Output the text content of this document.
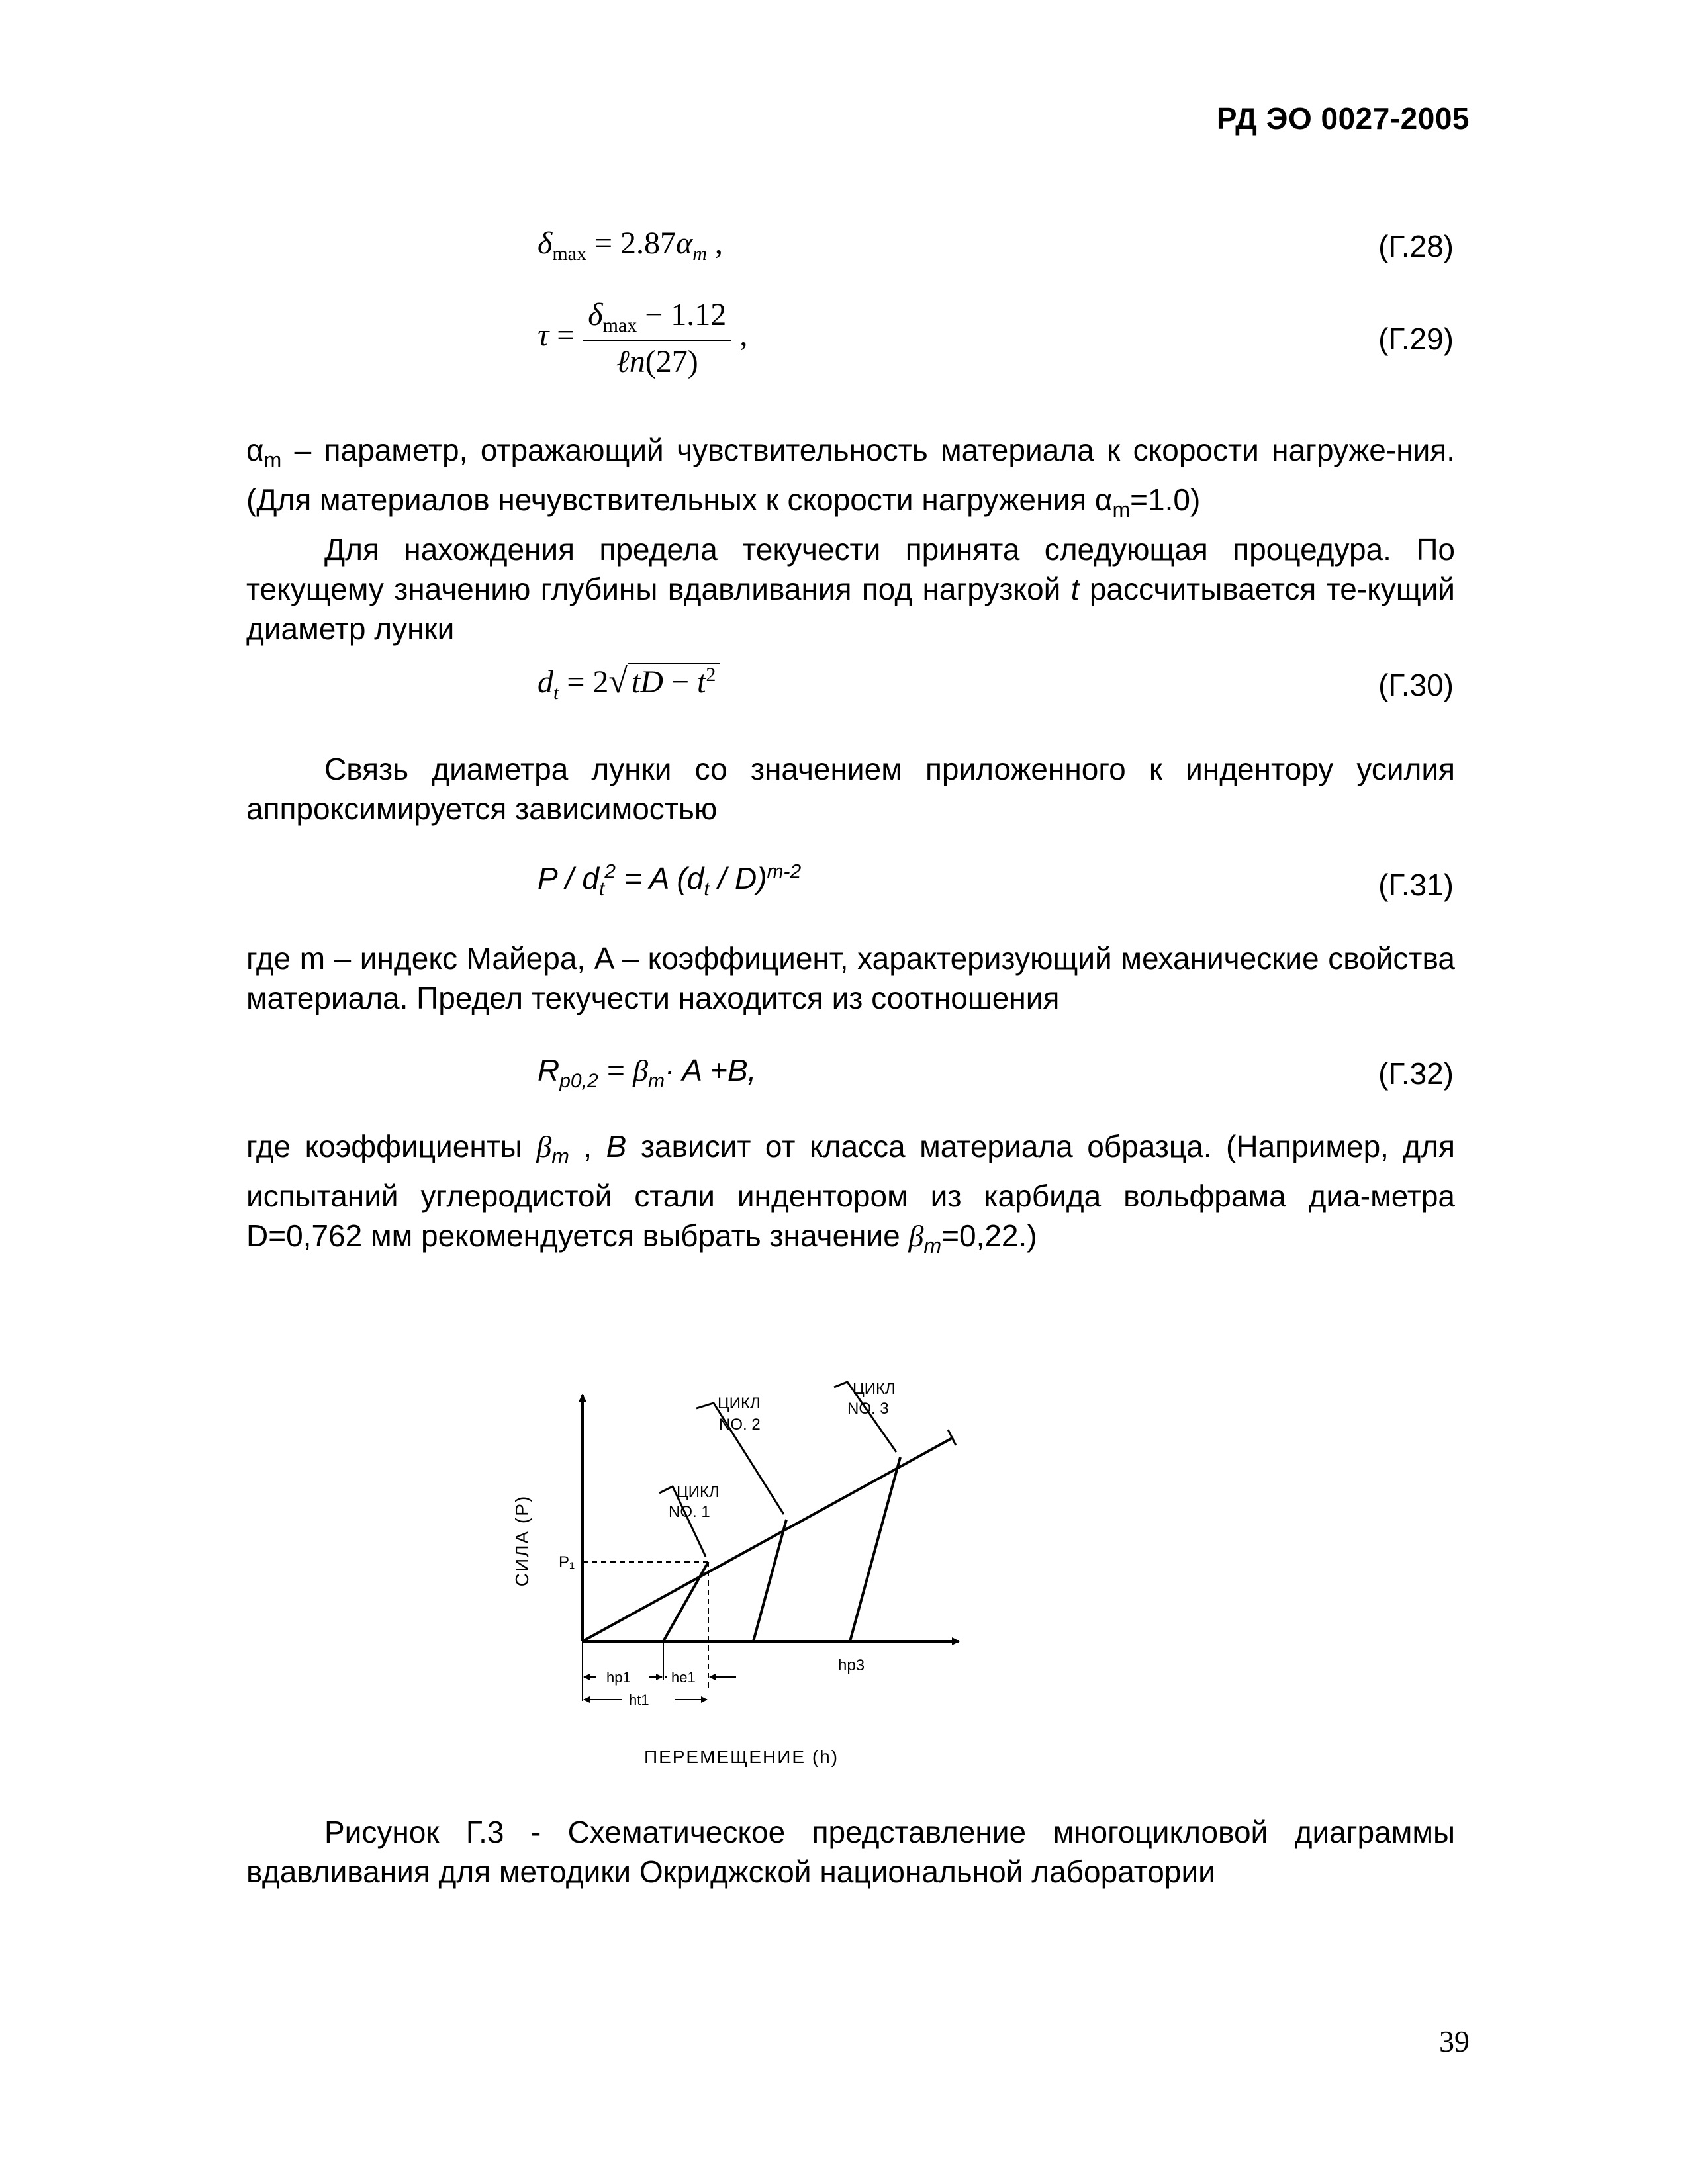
РД ЭО 0027-2005
$\delta_{max} = 2.87\alpha_m$ ,	(Г.28)
$\tau = \frac{\delta_{max} - 1.12}{\text{ℓn(27)}}$ ,	(Г.29)

$\alpha_m$ – параметр, отражающий чувствительность материала к скорости нагруже-ния. (Для материалов нечувствительных к скорости нагружения $\alpha_m=1.0$)

Для нахождения предела текучести принята следующая процедура. По текущему значению глубины вдавливания под нагрузкой t рассчитывается те-кущий диаметр лунки

$d_t = 2√$ tD − $t^2$	(Г.30)

Связь диаметра лунки со значением приложенного к индентору усилия аппроксимируется зависимостью

$P / d_t^2 = A$ $(d_t / D)^{m-2}$	(Г.31)

где m – индекс Майера, A – коэффициент, характеризующий механические свойства материала. Предел текучести находится из соотношения

$R_{p0,2} = \beta_m\cdot A +B$,	(Г.32)

где коэффициенты $\beta_m$ , B зависит от класса материала образца. (Например, для испытаний углеродистой стали индентором из карбида вольфрама диа-метра D=0,762 мм рекомендуется выбрать значение $\beta_m=0,22$.)

СИЛА (P) P₁
ЦИКЛ
NO. 1
ЦИКЛ
NO. 2
ЦИКЛ
NO. 3
hp1	he1
ht1
hp3
ПЕРЕМЕЩЕНИЕ (h)

Рисунок Г.3 - Схематическое представление многоцикловой диаграммы вдавливания для методики Окриджской национальной лаборатории

39
